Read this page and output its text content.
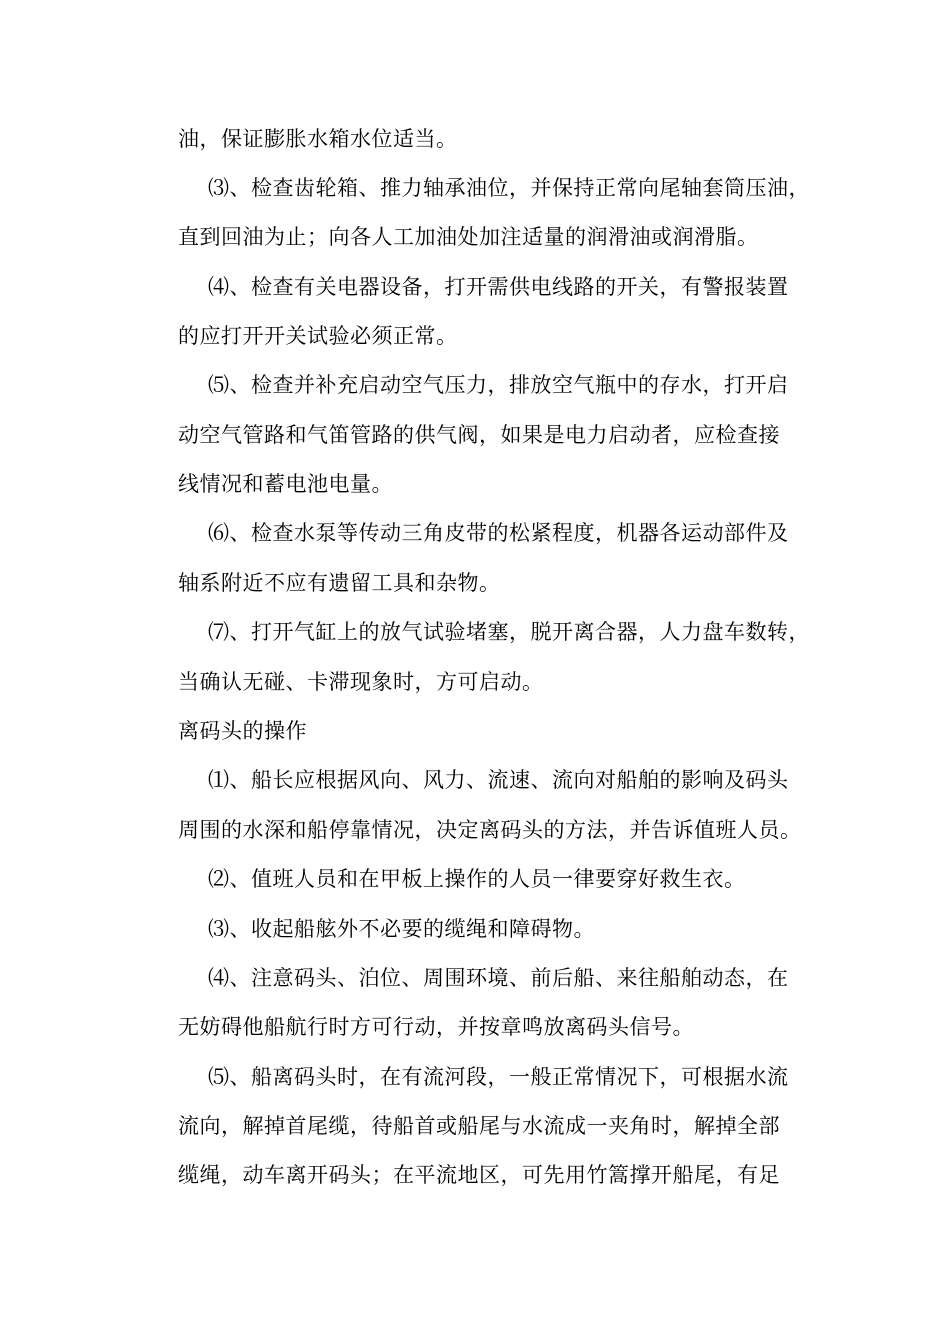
油，保证膨胀水箱水位适当。
⑶、检查齿轮箱、推力轴承油位，并保持正常向尾轴套筒压油，
直到回油为止；向各人工加油处加注适量的润滑油或润滑脂。
⑷、检查有关电器设备，打开需供电线路的开关，有警报装置
的应打开开关试验必须正常。
⑸、检查并补充启动空气压力，排放空气瓶中的存水，打开启
动空气管路和气笛管路的供气阀，如果是电力启动者，应检查接
线情况和蓄电池电量。
⑹、检查水泵等传动三角皮带的松紧程度，机器各运动部件及
轴系附近不应有遗留工具和杂物。
⑺、打开气缸上的放气试验堵塞，脱开离合器，人力盘车数转，
当确认无碰、卡滞现象时，方可启动。
离码头的操作
⑴、船长应根据风向、风力、流速、流向对船舶的影响及码头
周围的水深和船停靠情况，决定离码头的方法，并告诉值班人员。
⑵、值班人员和在甲板上操作的人员一律要穿好救生衣。
⑶、收起船舷外不必要的缆绳和障碍物。
⑷、注意码头、泊位、周围环境、前后船、来往船舶动态，在
无妨碍他船航行时方可行动，并按章鸣放离码头信号。
⑸、船离码头时，在有流河段，一般正常情况下，可根据水流
流向，解掉首尾缆，待船首或船尾与水流成一夹角时，解掉全部
缆绳，动车离开码头；在平流地区，可先用竹篙撑开船尾，有足
